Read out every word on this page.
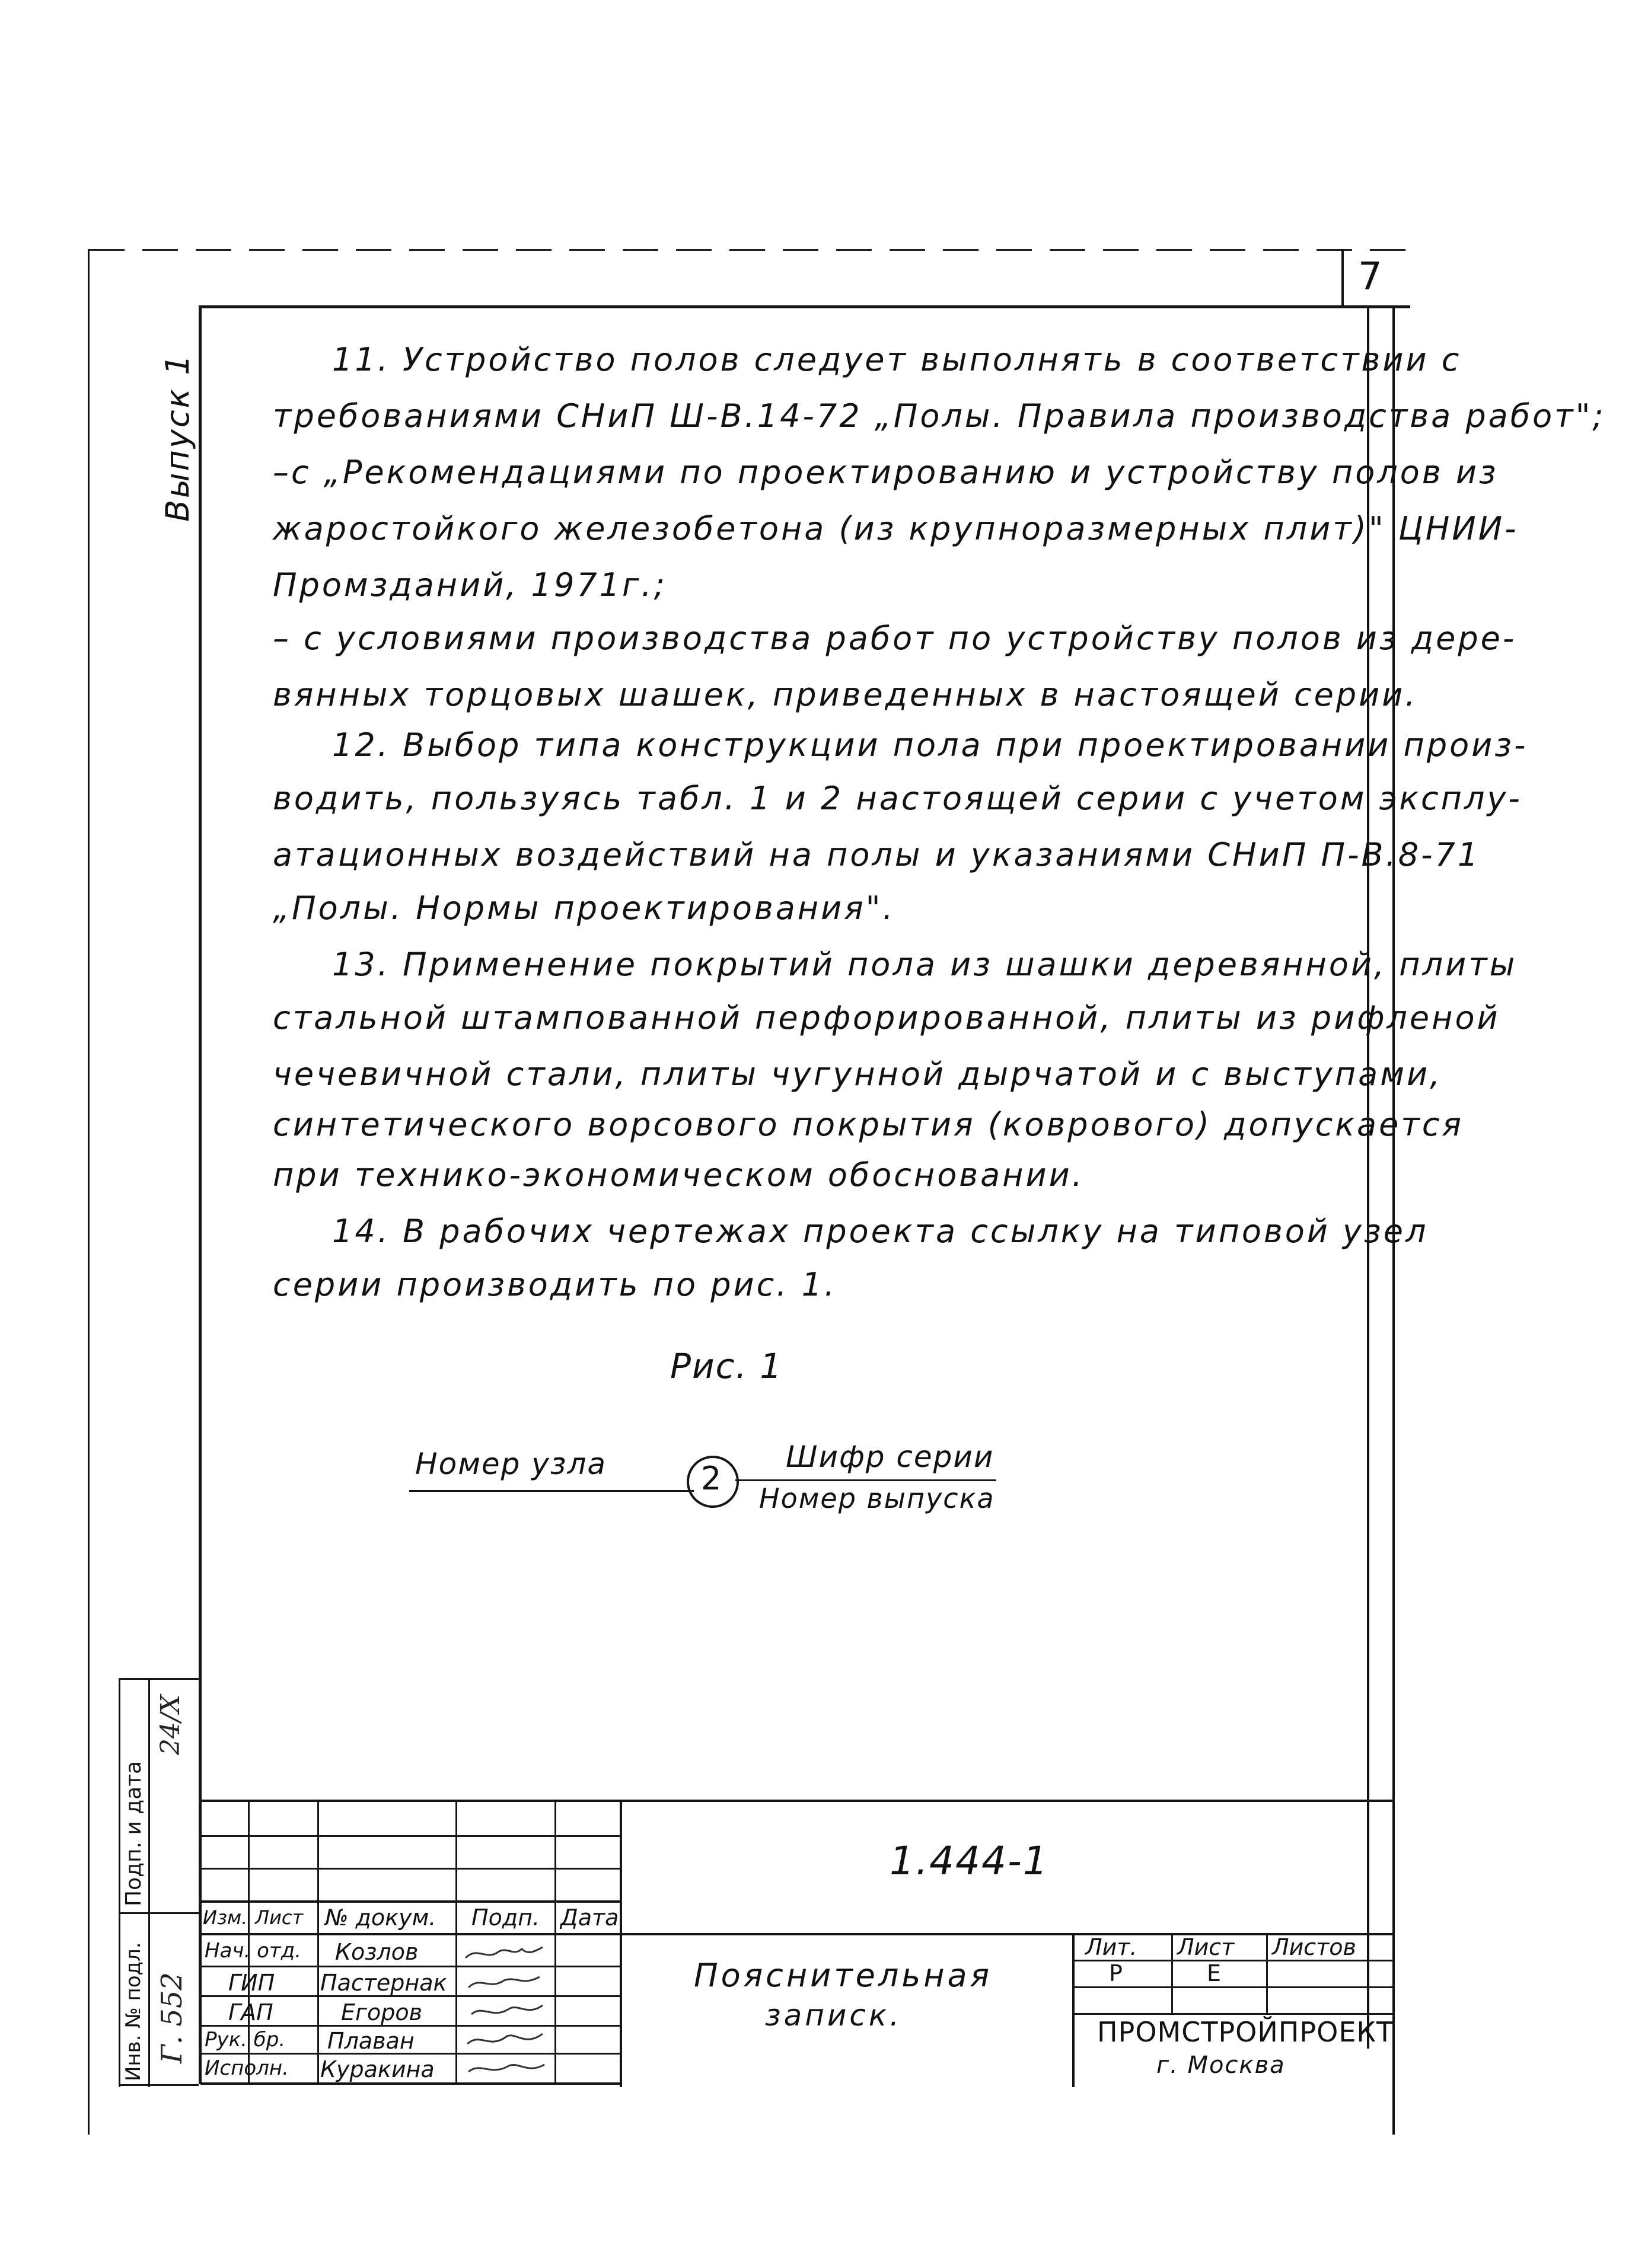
7
Выпуск 1	11. Устройство полов следует выполнять в соответствии с
требованиями СНиП Ш-В.14-72 „Полы. Правила производства работ";
–с „Рекомендациями по проектированию и устройству полов из
жаростойкого железобетона (из крупноразмерных плит)" ЦНИИ-
Промзданий, 1971г.;
– с условиями производства работ по устройству полов из дере-
вянных торцовых шашек, приведенных в настоящей серии.
12. Выбор типа конструкции пола при проектировании произ-
водить, пользуясь табл. 1 и 2 настоящей серии с учетом эксплу-
атационных воздействий на полы и указаниями СНиП П-В.8-71
„Полы. Нормы проектирования".
13. Применение покрытий пола из шашки деревянной, плиты
стальной штампованной перфорированной, плиты из рифленой
чечевичной стали, плиты чугунной дырчатой и с выступами,
синтетического ворсового покрытия (коврового) допускается
при технико-экономическом обосновании.
14. В рабочих чертежах проекта ссылку на типовой узел
серии производить по рис. 1.
Рис. 1
Номер узла	2
Шифр серии
Номер выпуска
Подп. и дата
Инв. № подл.
24/Х
Г. 552
Изм. Лист № докум. Подп. Дата
Нач. отд. Козлов
ГИП Пастернак
ГАП	Егоров
Рук. бр. Плаван
Исполн. Куракина
1.444-1
Пояснительная
записк.
Лит. Лист Листов
Р	Е
ПРОМСТРОЙПРОЕКТ
г. Москва
